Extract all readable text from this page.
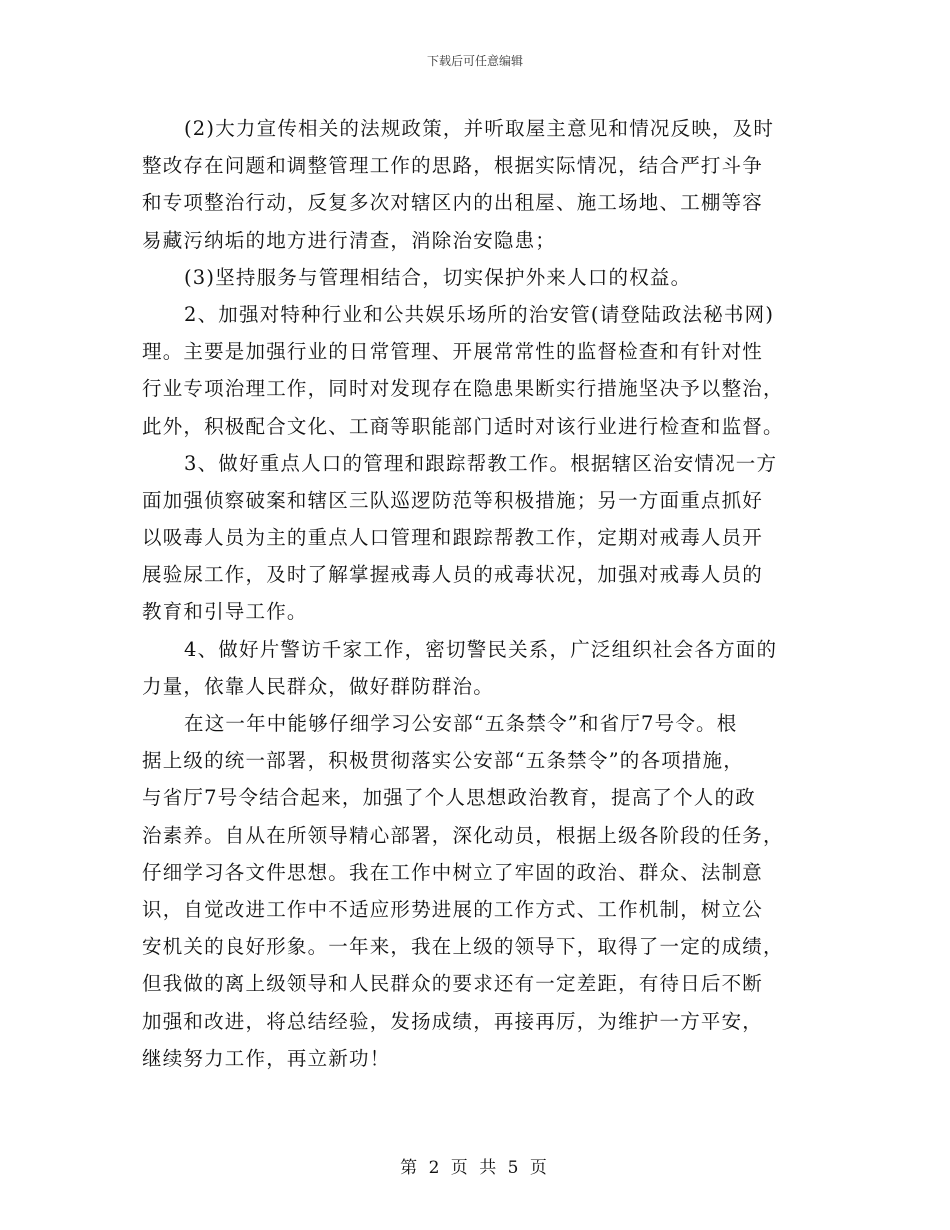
下载后可任意编辑
(2)大力宣传相关的法规政策，并听取屋主意见和情况反映，及时
整改存在问题和调整管理工作的思路，根据实际情况，结合严打斗争
和专项整治行动，反复多次对辖区内的出租屋、施工场地、工棚等容
易藏污纳垢的地方进行清查，消除治安隐患；
(3)坚持服务与管理相结合，切实保护外来人口的权益。
2、加强对特种行业和公共娱乐场所的治安管(请登陆政法秘书网)
理。主要是加强行业的日常管理、开展常常性的监督检查和有针对性
行业专项治理工作，同时对发现存在隐患果断实行措施坚决予以整治，
此外，积极配合文化、工商等职能部门适时对该行业进行检查和监督。
3、做好重点人口的管理和跟踪帮教工作。根据辖区治安情况一方
面加强侦察破案和辖区三队巡逻防范等积极措施；另一方面重点抓好
以吸毒人员为主的重点人口管理和跟踪帮教工作，定期对戒毒人员开
展验尿工作，及时了解掌握戒毒人员的戒毒状况，加强对戒毒人员的
教育和引导工作。
4、做好片警访千家工作，密切警民关系，广泛组织社会各方面的
力量，依靠人民群众，做好群防群治。
在这一年中能够仔细学习公安部“五条禁令”和省厅7号令。根
据上级的统一部署，积极贯彻落实公安部“五条禁令”的各项措施，
与省厅7号令结合起来，加强了个人思想政治教育，提高了个人的政
治素养。自从在所领导精心部署，深化动员，根据上级各阶段的任务，
仔细学习各文件思想。我在工作中树立了牢固的政治、群众、法制意
识，自觉改进工作中不适应形势进展的工作方式、工作机制，树立公
安机关的良好形象。一年来，我在上级的领导下，取得了一定的成绩，
但我做的离上级领导和人民群众的要求还有一定差距，有待日后不断
加强和改进，将总结经验，发扬成绩，再接再厉，为维护一方平安，
继续努力工作，再立新功！
第 2 页 共 5 页
